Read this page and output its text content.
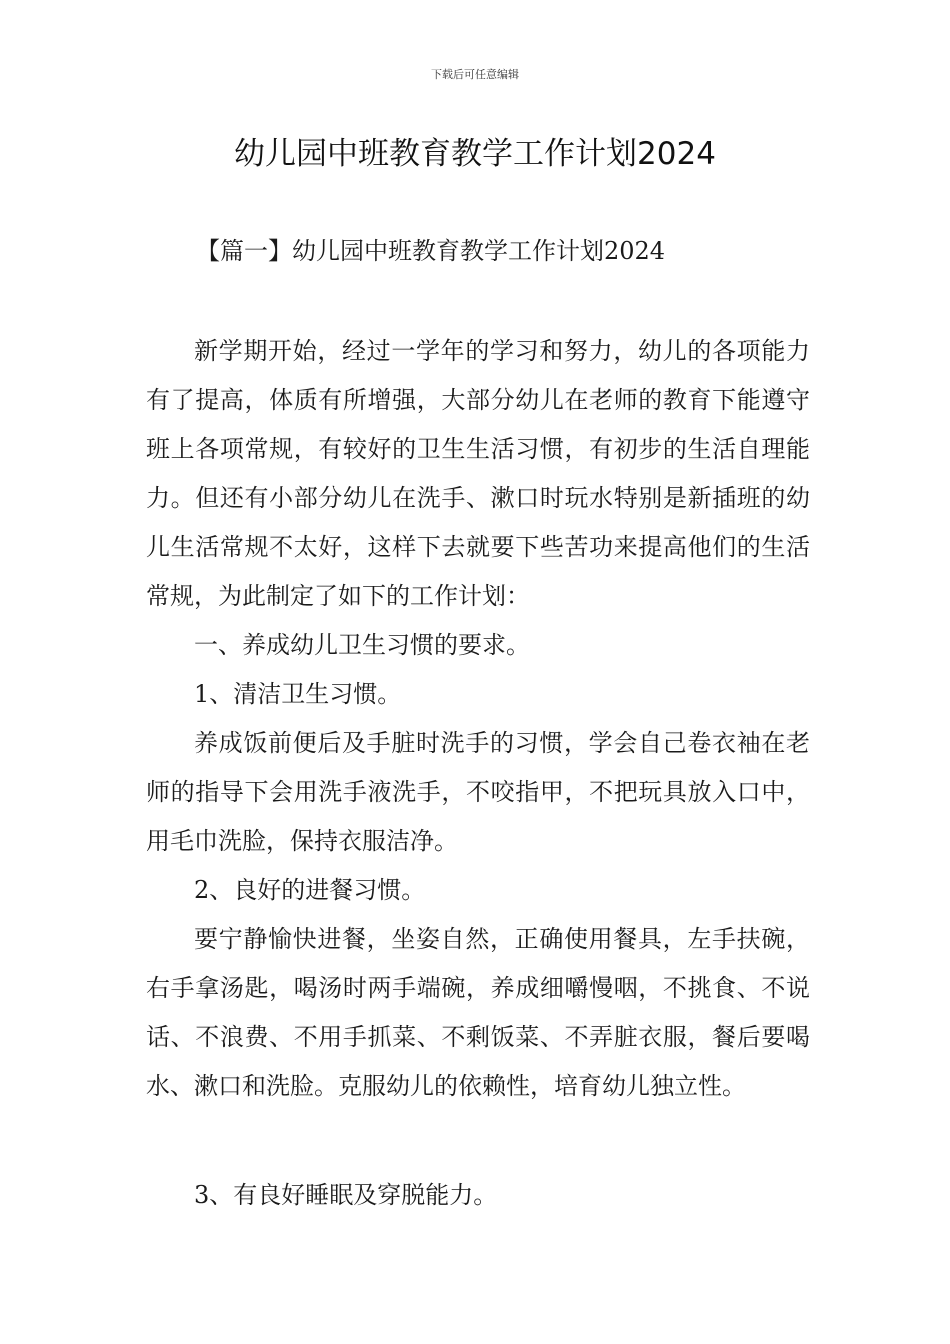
下载后可任意编辑
幼儿园中班教育教学工作计划2024
【篇一】幼儿园中班教育教学工作计划2024

新学期开始，经过一学年的学习和努力，幼儿的各项能力有了提高，体质有所增强，大部分幼儿在老师的教育下能遵守班上各项常规，有较好的卫生生活习惯，有初步的生活自理能力。但还有小部分幼儿在洗手、漱口时玩水特别是新插班的幼儿生活常规不太好，这样下去就要下些苦功来提高他们的生活常规，为此制定了如下的工作计划：

一、养成幼儿卫生习惯的要求。

1、清洁卫生习惯。

养成饭前便后及手脏时洗手的习惯，学会自己卷衣袖在老师的指导下会用洗手液洗手，不咬指甲，不把玩具放入口中，用毛巾洗脸，保持衣服洁净。

2、良好的进餐习惯。

要宁静愉快进餐，坐姿自然，正确使用餐具，左手扶碗，右手拿汤匙，喝汤时两手端碗，养成细嚼慢咽，不挑食、不说话、不浪费、不用手抓菜、不剩饭菜、不弄脏衣服，餐后要喝水、漱口和洗脸。克服幼儿的依赖性，培育幼儿独立性。

3、有良好睡眠及穿脱能力。
